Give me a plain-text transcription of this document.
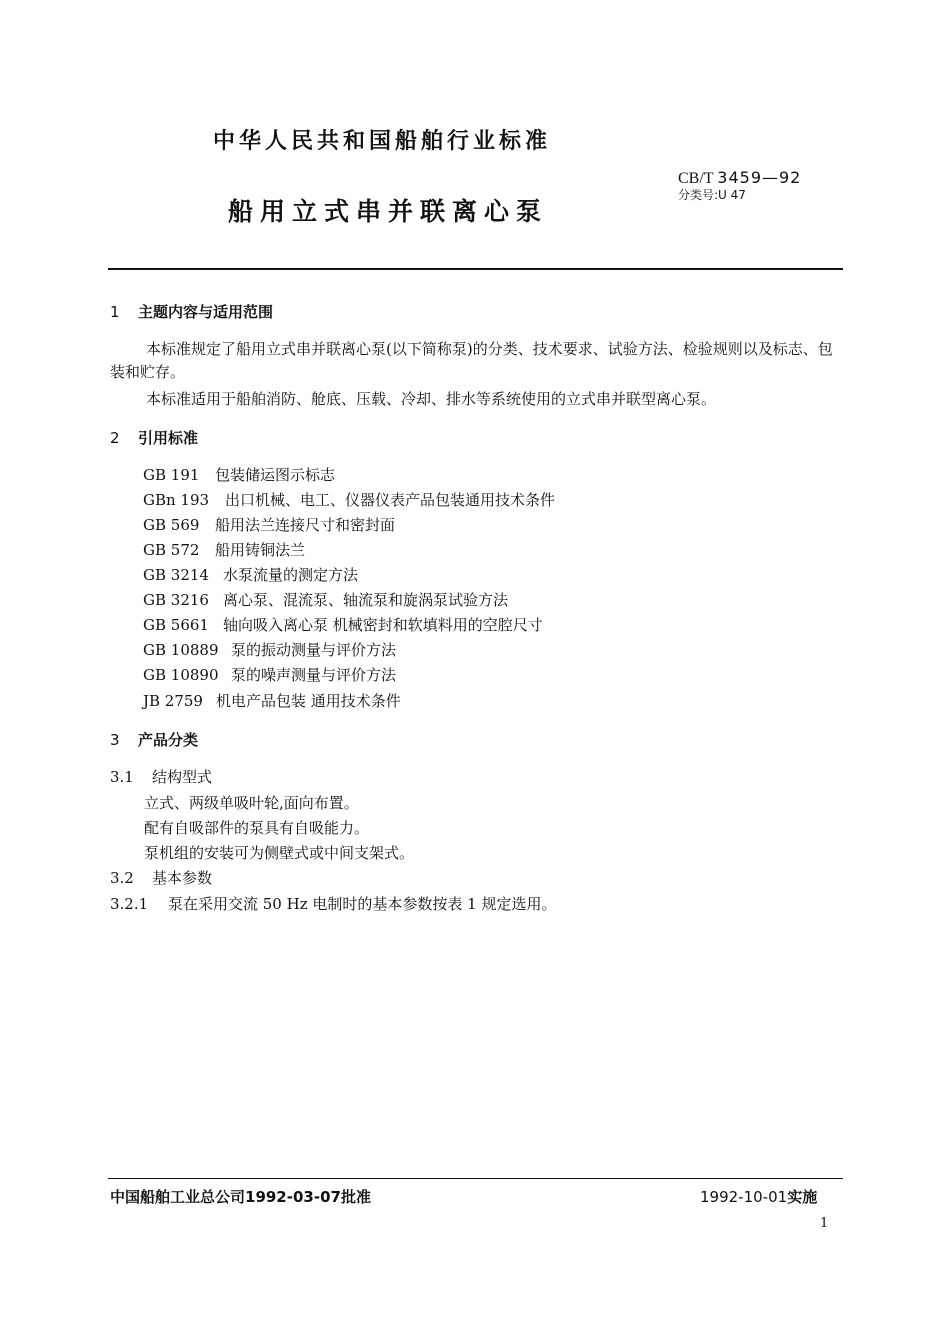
中华人民共和国船舶行业标准
CB/T 3459—92
分类号:U 47
船用立式串并联离心泵
1 主题内容与适用范围
本标准规定了船用立式串并联离心泵(以下简称泵)的分类、技术要求、试验方法、检验规则以及标志、包装和贮存。
本标准适用于船舶消防、舱底、压载、冷却、排水等系统使用的立式串并联型离心泵。
2 引用标准
GB 191 包装储运图示标志
GBn 193 出口机械、电工、仪器仪表产品包装通用技术条件
GB 569 船用法兰连接尺寸和密封面
GB 572 船用铸铜法兰
GB 3214 水泵流量的测定方法
GB 3216 离心泵、混流泵、轴流泵和旋涡泵试验方法
GB 5661 轴向吸入离心泵 机械密封和软填料用的空腔尺寸
GB 10889 泵的振动测量与评价方法
GB 10890 泵的噪声测量与评价方法
JB 2759 机电产品包装 通用技术条件
3 产品分类
3.1 结构型式
立式、两级单吸叶轮,面向布置。
配有自吸部件的泵具有自吸能力。
泵机组的安装可为侧壁式或中间支架式。
3.2 基本参数
3.2.1 泵在采用交流 50 Hz 电制时的基本参数按表 1 规定选用。
中国船舶工业总公司1992-03-07批准	1992-10-01实施
1
